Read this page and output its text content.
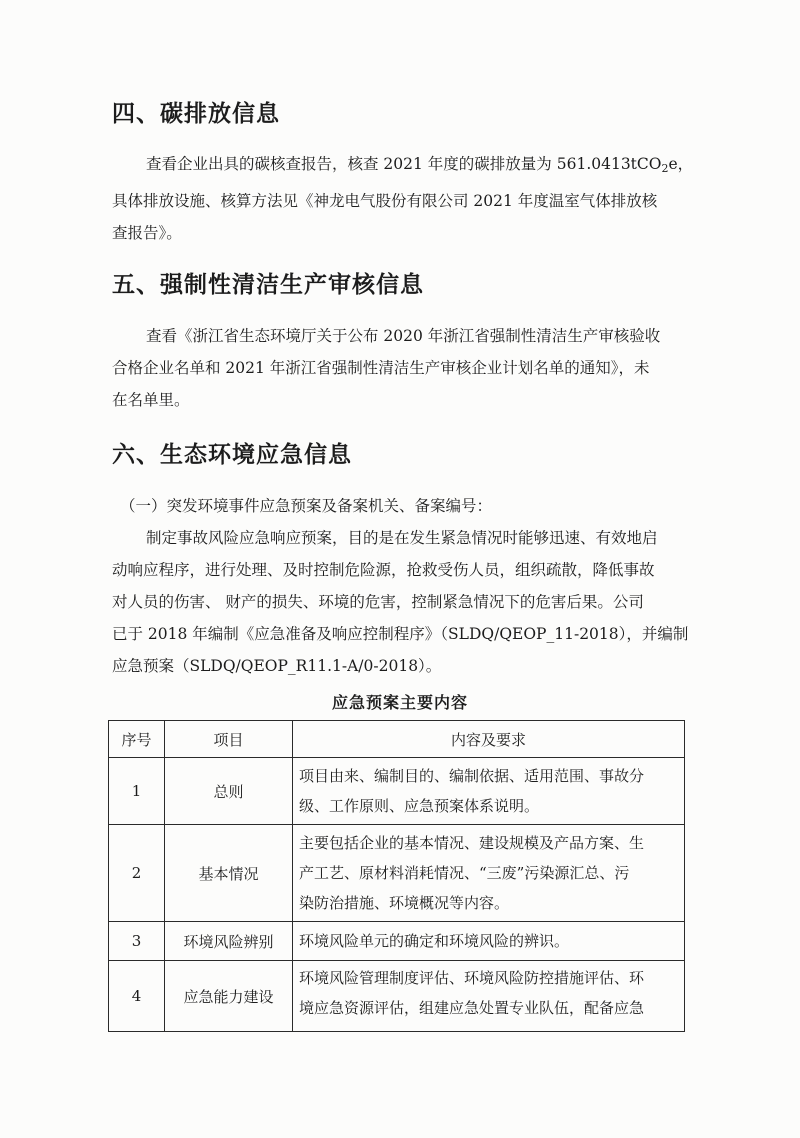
四、碳排放信息

查看企业出具的碳核查报告，核查 2021 年度的碳排放量为 561.0413tCO$_2$e，
具体排放设施、核算方法见《神龙电气股份有限公司 2021 年度温室气体排放核
查报告》。

五、强制性清洁生产审核信息

查看《浙江省生态环境厅关于公布 2020 年浙江省强制性清洁生产审核验收
合格企业名单和 2021 年浙江省强制性清洁生产审核企业计划名单的通知》，未
在名单里。

六、生态环境应急信息

（一）突发环境事件应急预案及备案机关、备案编号：
制定事故风险应急响应预案，目的是在发生紧急情况时能够迅速、有效地启
动响应程序，进行处理、及时控制危险源，抢救受伤人员，组织疏散，降低事故
对人员的伤害、 财产的损失、环境的危害，控制紧急情况下的危害后果。公司
已于 2018 年编制《应急准备及响应控制程序》（SLDQ/QEOP_11-2018），并编制
应急预案（SLDQ/QEOP_R11.1-A/0-2018）。

应急预案主要内容
序号	项目	内容及要求
1	总则	项目由来、编制目的、编制依据、适用范围、事故分
级、工作原则、应急预案体系说明。

2	基本情况	主要包括企业的基本情况、建设规模及产品方案、生
产工艺、原材料消耗情况、“三废”污染源汇总、污
染防治措施、环境概况等内容。

3	环境风险辨别	环境风险单元的确定和环境风险的辨识。

4	应急能力建设	环境风险管理制度评估、环境风险防控措施评估、环
境应急资源评估，组建应急处置专业队伍，配备应急
